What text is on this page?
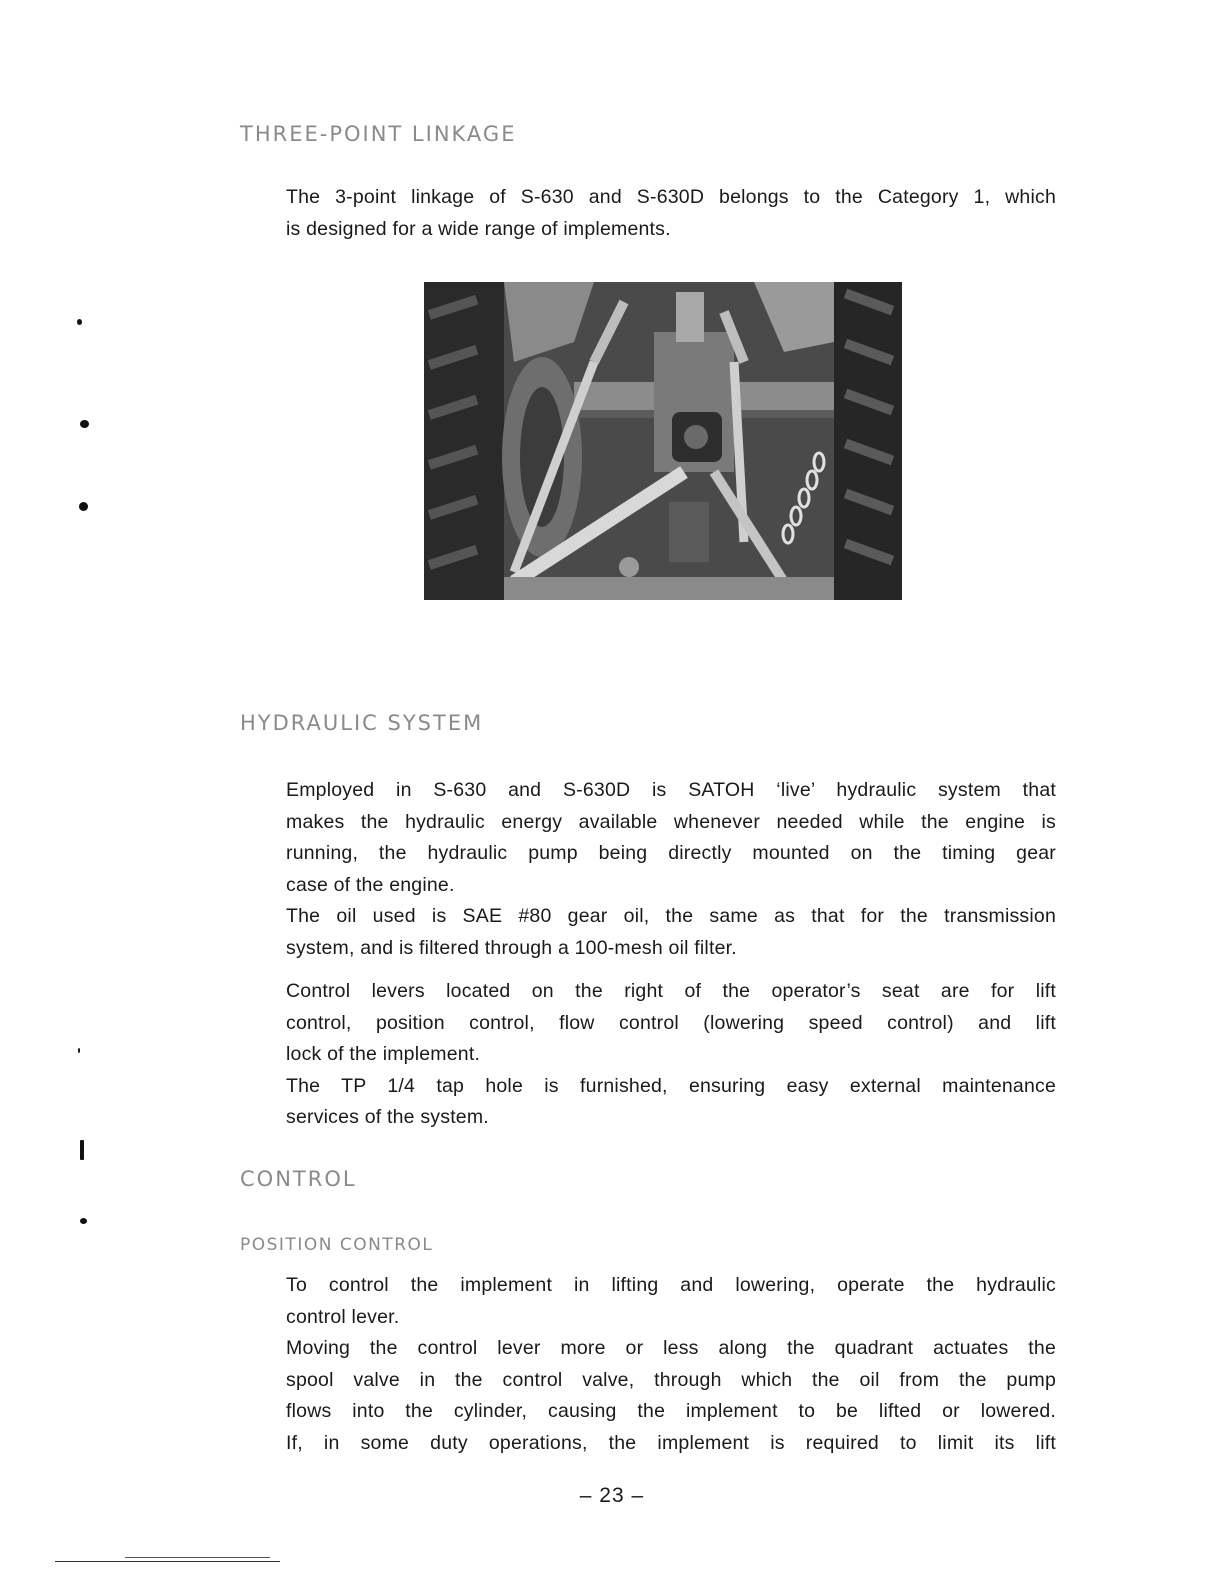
THREE-POINT LINKAGE

The 3-point linkage of S-630 and S-630D belongs to the Category 1, which
is designed for a wide range of implements.

HYDRAULIC SYSTEM

Employed in S-630 and S-630D is SATOH ‘live’ hydraulic system that
makes the hydraulic energy available whenever needed while the engine is
running, the hydraulic pump being directly mounted on the timing gear
case of the engine.
The oil used is SAE #80 gear oil, the same as that for the transmission
system, and is filtered through a 100-mesh oil filter.

Control levers located on the right of the operator’s seat are for lift
control, position control, flow control (lowering speed control) and lift
lock of the implement.
The TP 1/4 tap hole is furnished, ensuring easy external maintenance
services of the system.

CONTROL
POSITION CONTROL

To control the implement in lifting and lowering, operate the hydraulic
control lever.
Moving the control lever more or less along the quadrant actuates the
spool valve in the control valve, through which the oil from the pump
flows into the cylinder, causing the implement to be lifted or lowered.
If, in some duty operations, the implement is required to limit its lift

– 23 –
